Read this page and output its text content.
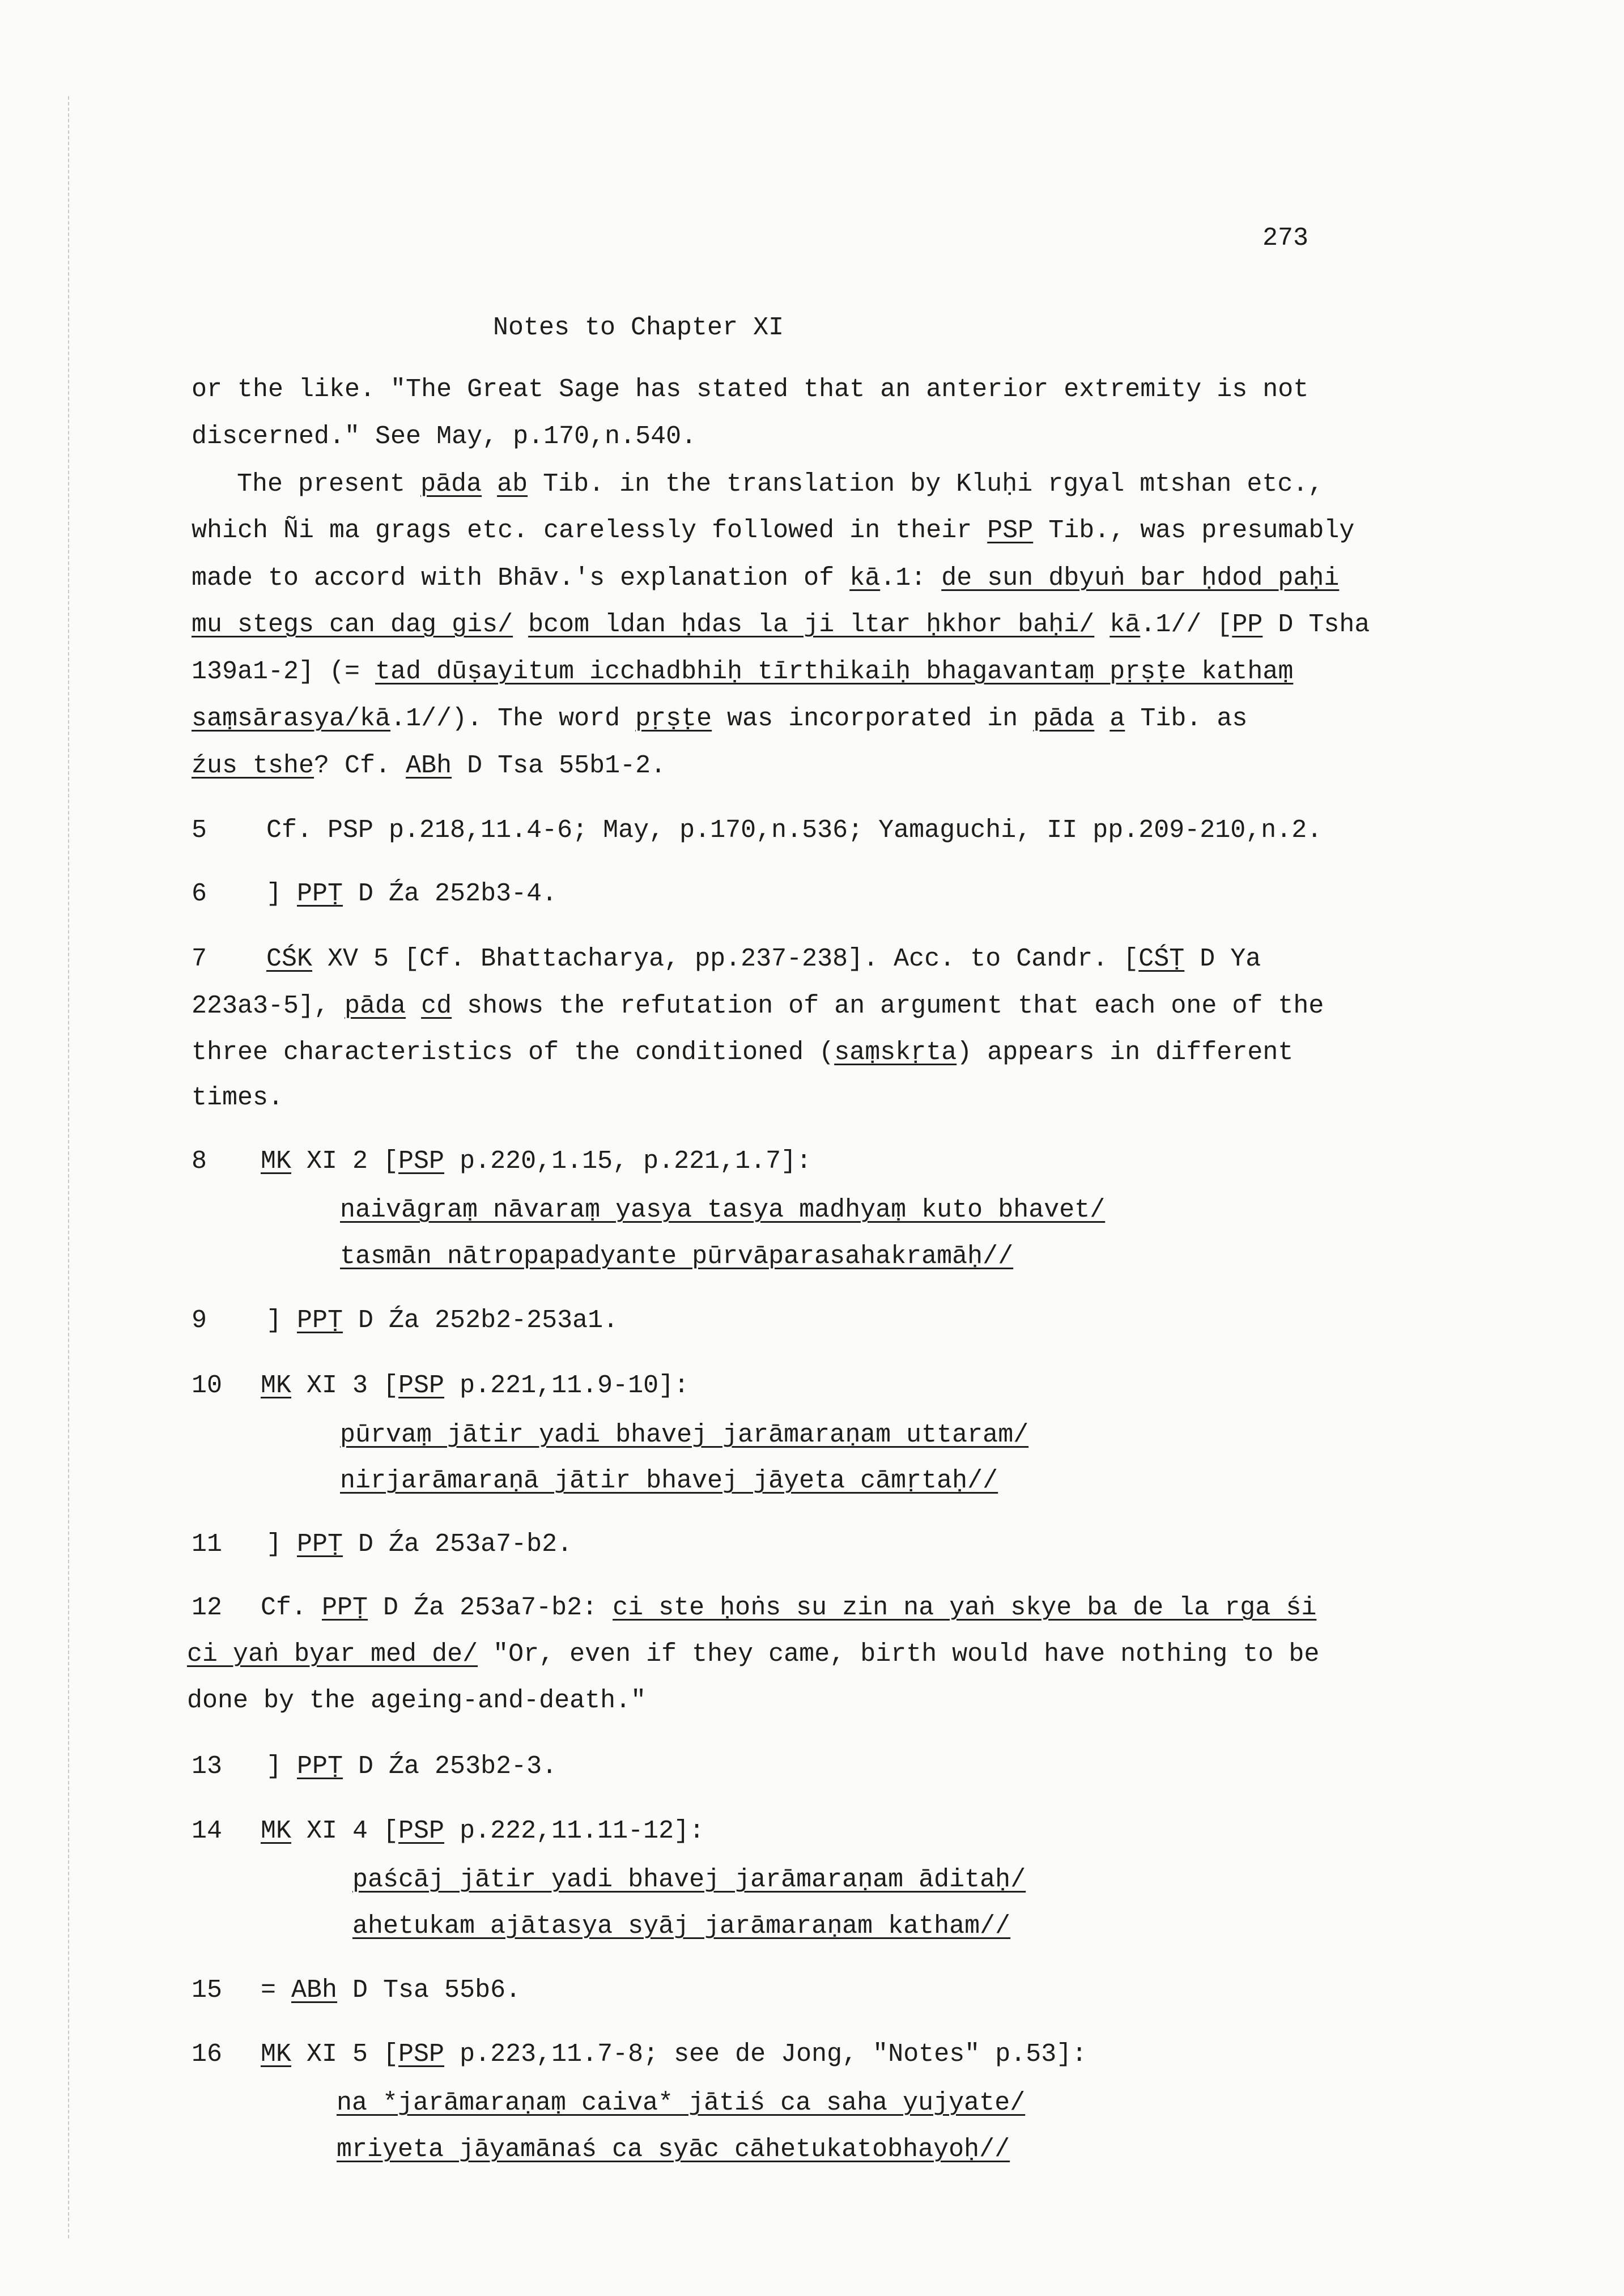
273
Notes to Chapter XI
or the like. "The Great Sage has stated that an anterior extremity is not
discerned." See May, p.170,n.540.
The present pāda ab Tib. in the translation by Kluḥi rgyal mtshan etc.,
which Ñi ma grags etc. carelessly followed in their PSP Tib., was presumably
made to accord with Bhāv.'s explanation of kā.1: de sun dbyuṅ bar ḥdod paḥi
mu stegs can dag gis/ bcom ldan ḥdas la ji ltar ḥkhor baḥi/ kā.1// [PP D Tsha
139a1-2] (= tad dūṣayitum icchadbhiḥ tīrthikaiḥ bhagavantaṃ pṛṣṭe kathaṃ
saṃsārasya/kā.1//). The word pṛṣṭe was incorporated in pāda a Tib. as
źus tshe? Cf. ABh D Tsa 55b1-2.
5 Cf. PSP p.218,11.4-6; May, p.170,n.536; Yamaguchi, II pp.209-210,n.2.
6 ] PPṬ D Źa 252b3-4.
7 CŚK XV 5 [Cf. Bhattacharya, pp.237-238]. Acc. to Candr. [CŚṬ D Ya
223a3-5], pāda cd shows the refutation of an argument that each one of the
three characteristics of the conditioned (saṃskṛta) appears in different
times.
8 MK XI 2 [PSP p.220,1.15, p.221,1.7]:
naivāgraṃ nāvaraṃ yasya tasya madhyaṃ kuto bhavet/
tasmān nātropapadyante pūrvāparasahakramāḥ//
9 ] PPṬ D Źa 252b2-253a1.
10 MK XI 3 [PSP p.221,11.9-10]:
pūrvaṃ jātir yadi bhavej jarāmaraṇam uttaram/
nirjarāmaraṇā jātir bhavej jāyeta cāmṛtaḥ//
11 ] PPṬ D Źa 253a7-b2.
12 Cf. PPṬ D Źa 253a7-b2: ci ste ḥoṅs su zin na yaṅ skye ba de la rga śi
ci yaṅ byar med de/ "Or, even if they came, birth would have nothing to be
done by the ageing-and-death."
13 ] PPṬ D Źa 253b2-3.
14 MK XI 4 [PSP p.222,11.11-12]:
paścāj jātir yadi bhavej jarāmaraṇam āditaḥ/
ahetukam ajātasya syāj jarāmaraṇam katham//
15 = ABh D Tsa 55b6.
16 MK XI 5 [PSP p.223,11.7-8; see de Jong, "Notes" p.53]:
na *jarāmaraṇaṃ caiva* jātiś ca saha yujyate/
mriyeta jāyamānaś ca syāc cāhetukatobhayoḥ//
